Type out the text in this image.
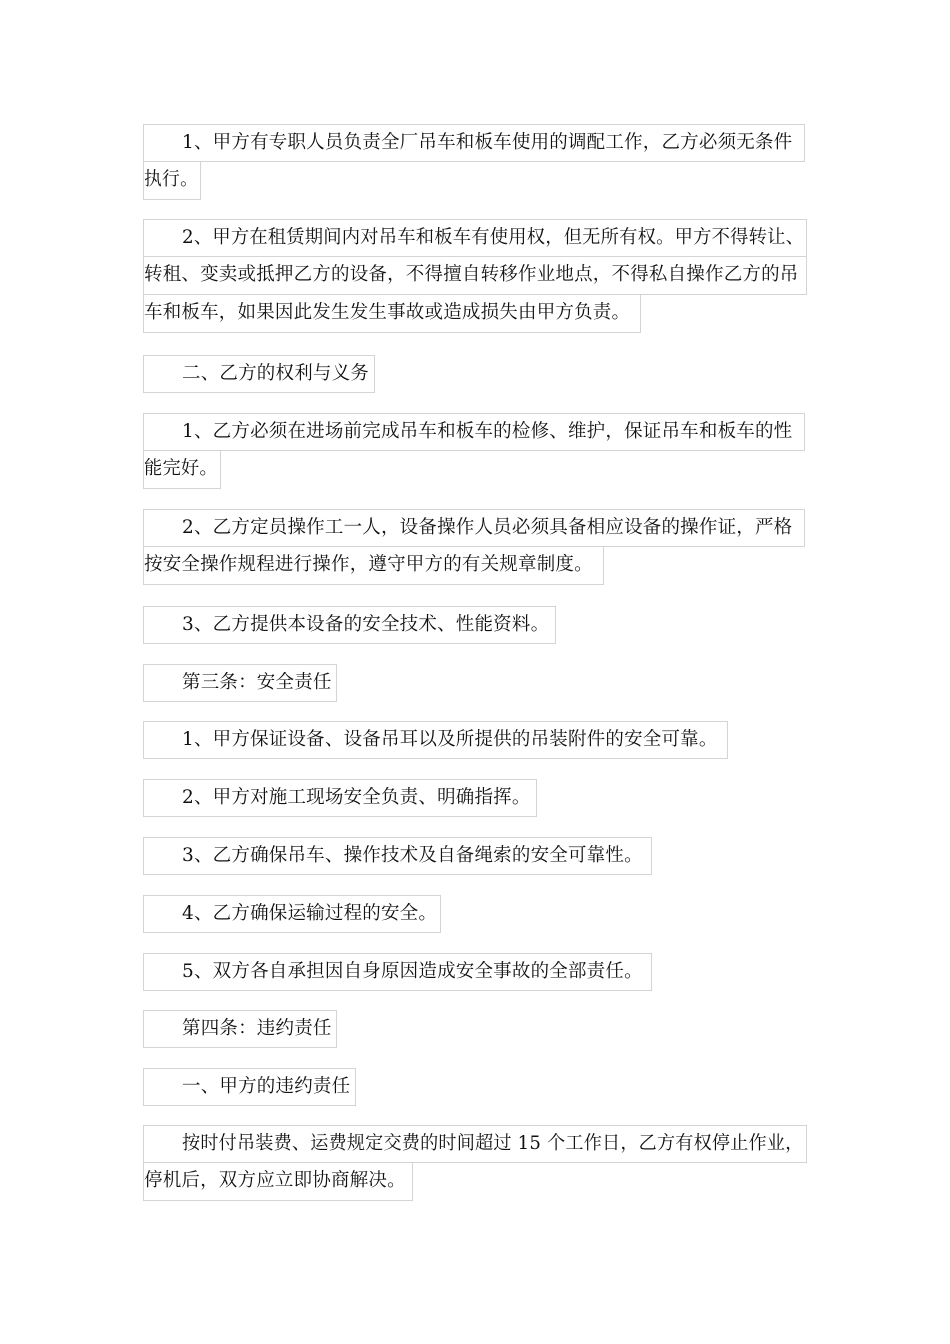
1、甲方有专职人员负责全厂吊车和板车使用的调配工作，乙方必须无条件
执行。
2、甲方在租赁期间内对吊车和板车有使用权，但无所有权。甲方不得转让、
转租、变卖或抵押乙方的设备，不得擅自转移作业地点，不得私自操作乙方的吊
车和板车，如果因此发生发生事故或造成损失由甲方负责。
二、乙方的权利与义务
1、乙方必须在进场前完成吊车和板车的检修、维护，保证吊车和板车的性
能完好。
2、乙方定员操作工一人，设备操作人员必须具备相应设备的操作证，严格
按安全操作规程进行操作，遵守甲方的有关规章制度。
3、乙方提供本设备的安全技术、性能资料。
第三条：安全责任
1、甲方保证设备、设备吊耳以及所提供的吊装附件的安全可靠。
2、甲方对施工现场安全负责、明确指挥。
3、乙方确保吊车、操作技术及自备绳索的安全可靠性。
4、乙方确保运输过程的安全。
5、双方各自承担因自身原因造成安全事故的全部责任。
第四条：违约责任
一、甲方的违约责任
按时付吊装费、运费规定交费的时间超过 15 个工作日，乙方有权停止作业，
停机后，双方应立即协商解决。
